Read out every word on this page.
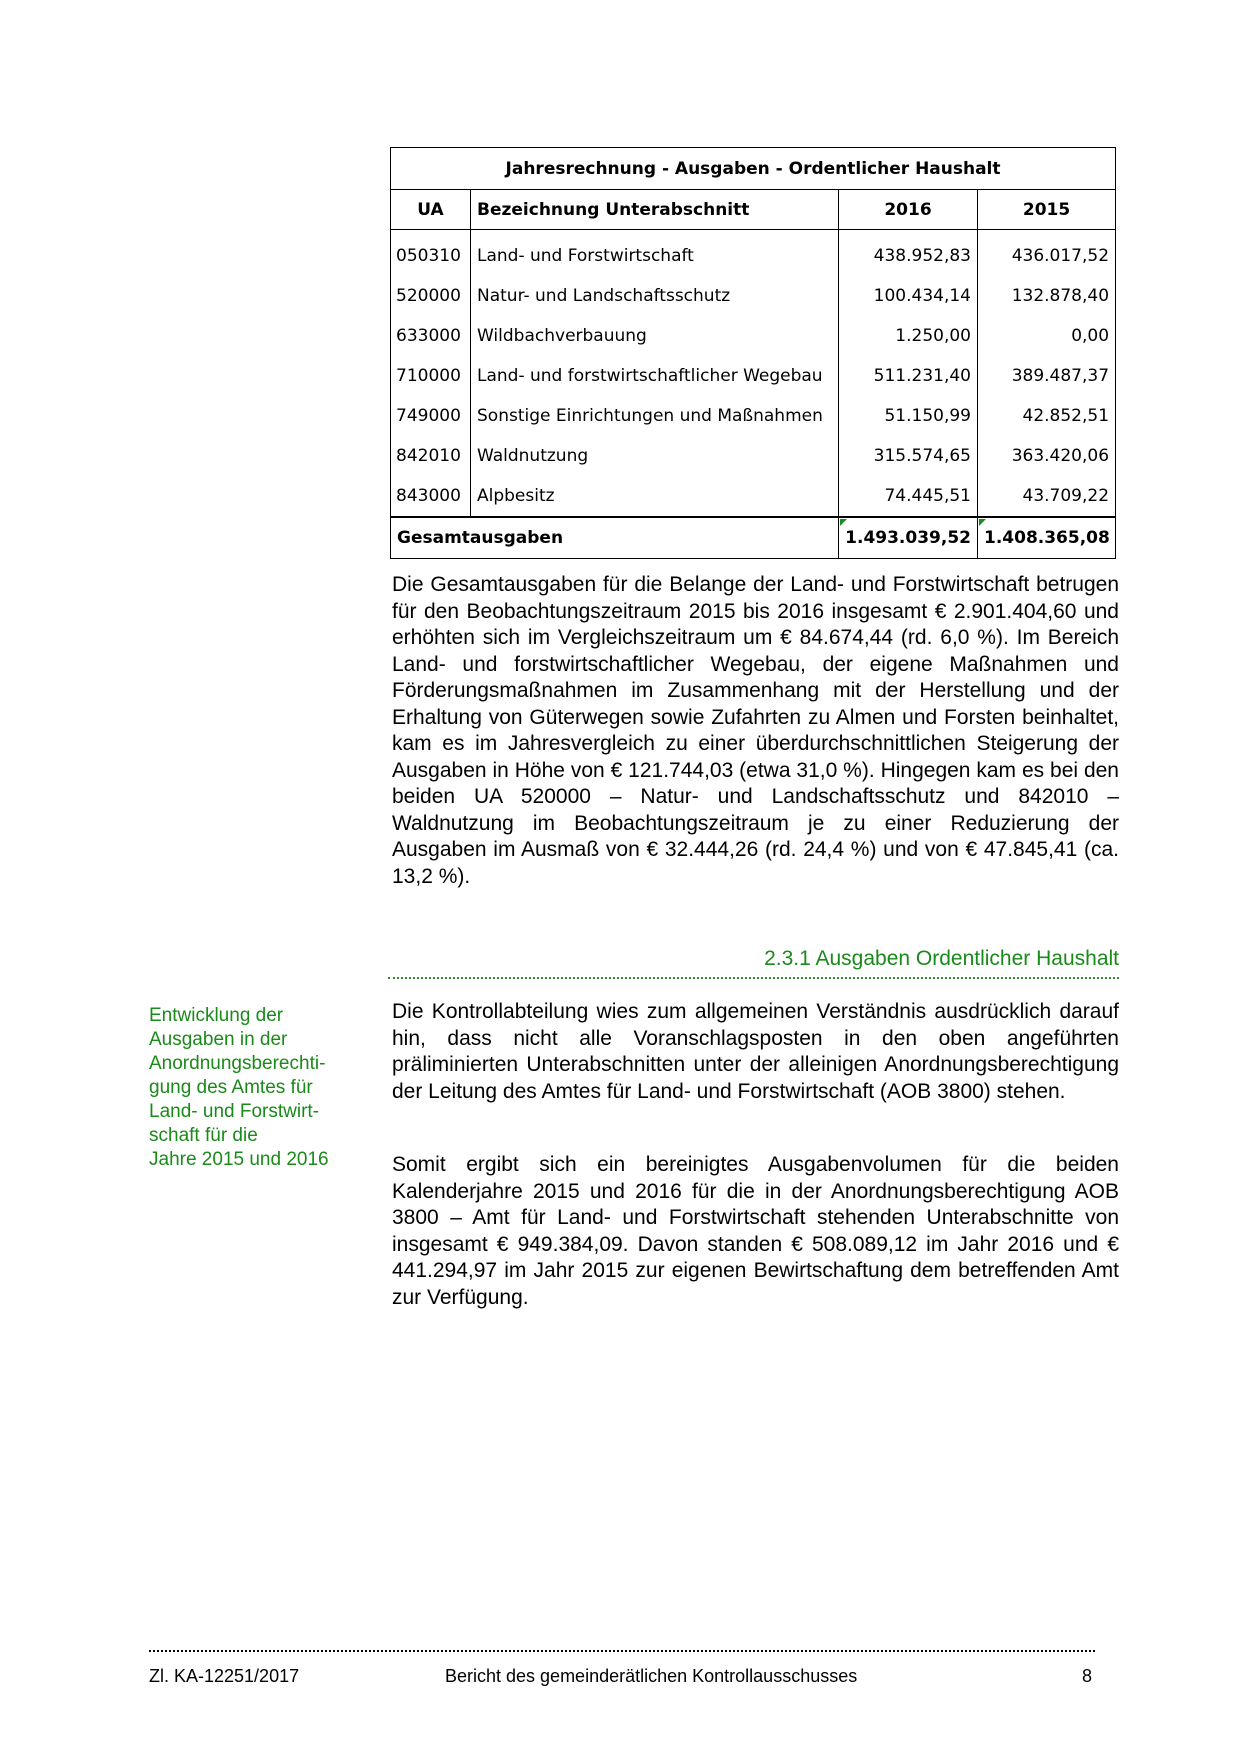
Jahresrechnung - Ausgaben - Ordentlicher Haushalt			
UA	Bezeichnung Unterabschnitt	2016	2015
050310	Land- und Forstwirtschaft	438.952,83	436.017,52
520000	Natur- und Landschaftsschutz	100.434,14	132.878,40
633000	Wildbachverbauung	1.250,00	0,00
710000	Land- und forstwirtschaftlicher Wegebau	511.231,40	389.487,37
749000	Sonstige Einrichtungen und Maßnahmen	51.150,99	42.852,51
842010	Waldnutzung	315.574,65	363.420,06
843000	Alpbesitz	74.445,51	43.709,22
Gesamtausgaben		1.493.039,52	1.408.365,08

Die Gesamtausgaben für die Belange der Land- und Forstwirtschaft betrugen für den Beobachtungszeitraum 2015 bis 2016 insgesamt € 2.901.404,60 und erhöhten sich im Vergleichszeitraum um € 84.674,44 (rd. 6,0 %). Im Bereich Land- und forstwirtschaftlicher Wegebau, der eigene Maßnahmen und Förderungsmaßnahmen im Zusammenhang mit der Herstellung und der Erhaltung von Güterwegen sowie Zufahrten zu Almen und Forsten beinhaltet, kam es im Jahresvergleich zu einer überdurchschnittlichen Steigerung der Ausgaben in Höhe von € 121.744,03 (etwa 31,0 %). Hingegen kam es bei den beiden UA 520000 – Natur- und Landschaftsschutz und 842010 – Waldnutzung im Beobachtungszeitraum je zu einer Reduzierung der Ausgaben im Ausmaß von € 32.444,26 (rd. 24,4 %) und von € 47.845,41 (ca. 13,2 %).

2.3.1 Ausgaben Ordentlicher Haushalt
Entwicklung der
Ausgaben in der
Anordnungsberechti-
gung des Amtes für
Land- und Forstwirt-
schaft für die
Jahre 2015 und 2016

Die Kontrollabteilung wies zum allgemeinen Verständnis ausdrücklich darauf hin, dass nicht alle Voranschlagsposten in den oben angeführten präliminierten Unterabschnitten unter der alleinigen Anordnungsberechtigung der Leitung des Amtes für Land- und Forstwirtschaft (AOB 3800) stehen.

Somit ergibt sich ein bereinigtes Ausgabenvolumen für die beiden Kalenderjahre 2015 und 2016 für die in der Anordnungsberechtigung AOB 3800 – Amt für Land- und Forstwirtschaft stehenden Unterabschnitte von insgesamt € 949.384,09. Davon standen € 508.089,12 im Jahr 2016 und € 441.294,97 im Jahr 2015 zur eigenen Bewirtschaftung dem betreffenden Amt zur Verfügung.

Zl. KA-12251/2017	Bericht des gemeinderätlichen Kontrollausschusses	8
